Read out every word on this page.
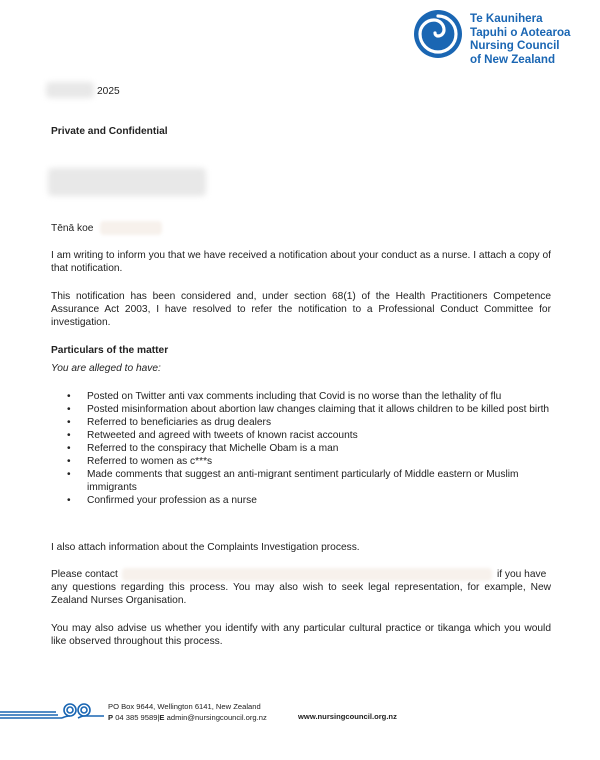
Te Kaunihera
Tapuhi o Aotearoa
Nursing Council
of New Zealand
2025
Private and Confidential
Tēnā koe
I am writing to inform you that we have received a notification about your conduct as a nurse. I attach a copy of that notification.
This notification has been considered and, under section 68(1) of the Health Practitioners Competence Assurance Act 2003, I have resolved to refer the notification to a Professional Conduct Committee for investigation.
Particulars of the matter
You are alleged to have:
• Posted on Twitter anti vax comments including that Covid is no worse than the lethality of flu
• Posted misinformation about abortion law changes claiming that it allows children to be killed post birth
• Referred to beneficiaries as drug dealers
• Retweeted and agreed with tweets of known racist accounts
• Referred to the conspiracy that Michelle Obam is a man
• Referred to women as c***s
• Made comments that suggest an anti-migrant sentiment particularly of Middle eastern or Muslim immigrants
• Confirmed your profession as a nurse
I also attach information about the Complaints Investigation process.
Please contact	if you have
any questions regarding this process. You may also wish to seek legal representation, for example, New Zealand Nurses Organisation.
You may also advise us whether you identify with any particular cultural practice or tikanga which you would like observed throughout this process.
PO Box 9644, Wellington 6141, New Zealand
P 04 385 9589|E admin@nursingcouncil.org.nz	www.nursingcouncil.org.nz
